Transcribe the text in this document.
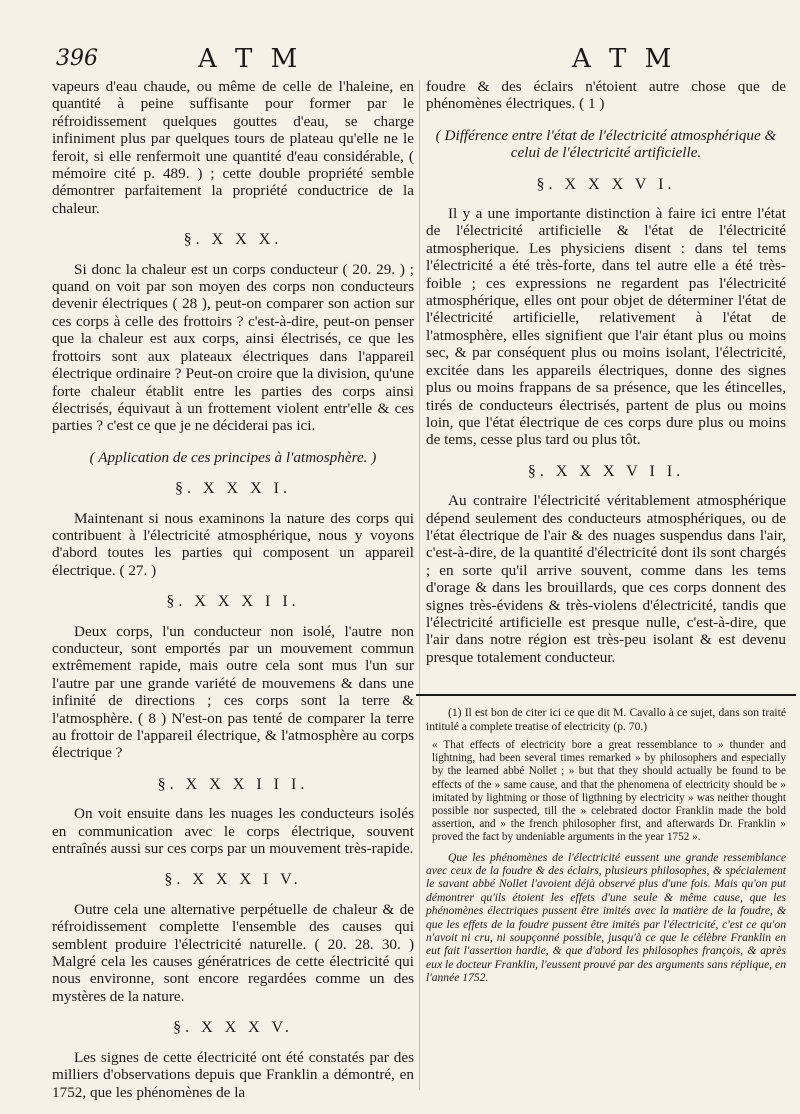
396	A T M	A T M

vapeurs d'eau chaude, ou même de celle de l'haleine, en quantité à peine suffisante pour former par le réfroidissement quelques gouttes d'eau, se charge infiniment plus par quelques tours de plateau qu'elle ne le feroit, si elle renfermoit une quantité d'eau considérable, ( mémoire cité p. 489. ) ; cette double propriété semble démontrer parfaitement la propriété conductrice de la chaleur.

§. X X X.

Si donc la chaleur est un corps conducteur ( 20. 29. ) ; quand on voit par son moyen des corps non conducteurs devenir électriques ( 28 ), peut-on comparer son action sur ces corps à celle des frottoirs ? c'est-à-dire, peut-on penser que la chaleur est aux corps, ainsi électrisés, ce que les frottoirs sont aux plateaux électriques dans l'appareil électrique ordinaire ? Peut-on croire que la division, qu'une forte chaleur établit entre les parties des corps ainsi électrisés, équivaut à un frottement violent entr'elle & ces parties ? c'est ce que je ne déciderai pas ici.

( Application de ces principes à l'atmosphère. )
§. X X X I.

Maintenant si nous examinons la nature des corps qui contribuent à l'électricité atmosphérique, nous y voyons d'abord toutes les parties qui composent un appareil électrique. ( 27. )

§. X X X I I.

Deux corps, l'un conducteur non isolé, l'autre non conducteur, sont emportés par un mouvement commun extrêmement rapide, mais outre cela sont mus l'un sur l'autre par une grande variété de mouvemens & dans une infinité de directions ; ces corps sont la terre & l'atmosphère. ( 8 ) N'est-on pas tenté de comparer la terre au frottoir de l'appareil électrique, & l'atmosphère au corps électrique ?

§. X X X I I I.

On voit ensuite dans les nuages les conducteurs isolés en communication avec le corps électrique, souvent entraînés aussi sur ces corps par un mouvement très-rapide.

§. X X X I V.

Outre cela une alternative perpétuelle de chaleur & de réfroidissement complette l'ensemble des causes qui semblent produire l'électricité naturelle. ( 20. 28. 30. ) Malgré cela les causes génératrices de cette électricité qui nous environne, sont encore regardées comme un des mystères de la nature.

§. X X X V.

Les signes de cette électricité ont été constatés par des milliers d'observations depuis que Franklin a démontré, en 1752, que les phénomènes de la

foudre & des éclairs n'étoient autre chose que de phénomènes électriques. ( 1 )

( Différence entre l'état de l'électricité atmosphérique & celui de l'électricité artificielle.
§. X X X V I.

Il y a une importante distinction à faire ici entre l'état de l'électricité artificielle & l'état de l'électricité atmospherique. Les physiciens disent : dans tel tems l'électricité a été très-forte, dans tel autre elle a été très-foible ; ces expressions ne regardent pas l'électricité atmosphérique, elles ont pour objet de déterminer l'état de l'électricité artificielle, relativement à l'état de l'atmosphère, elles signifient que l'air étant plus ou moins sec, & par conséquent plus ou moins isolant, l'électricité, excitée dans les appareils électriques, donne des signes plus ou moins frappans de sa présence, que les étincelles, tirés de conducteurs électrisés, partent de plus ou moins loin, que l'état électrique de ces corps dure plus ou moins de tems, cesse plus tard ou plus tôt.

§. X X X V I I.

Au contraire l'électricité véritablement atmosphérique dépend seulement des conducteurs atmosphériques, ou de l'état électrique de l'air & des nuages suspendus dans l'air, c'est-à-dire, de la quantité d'électricité dont ils sont chargés ; en sorte qu'il arrive souvent, comme dans les tems d'orage & dans les brouillards, que ces corps donnent des signes très-évidens & très-violens d'électricité, tandis que l'électricité artificielle est presque nulle, c'est-à-dire, que l'air dans notre région est très-peu isolant & est devenu presque totalement conducteur.

(1) Il est bon de citer ici ce que dit M. Cavallo à ce sujet, dans son traité intitulé a complete treatise of electricity (p. 70.)

« That effects of electricity bore a great ressemblance to » thunder and lightning, had been several times remarked » by philosophers and especially by the learned abbé Nollet ; » but that they should actually be found to be effects of the » same cause, and that the phenomena of electricity should be » imitated by lightning or those of ligthning by electricity » was neither thought possible nor suspected, till the » celebrated doctor Franklin made the bold assertion, and » the french philosopher first, and afterwards Dr. Franklin » proved the fact by undeniable arguments in the year 1752 ».

Que les phénomènes de l'électricité eussent une grande ressemblance avec ceux de la foudre & des éclairs, plusieurs philosophes, & spécialement le savant abbé Nollet l'avoient déjà observé plus d'une fois. Mais qu'on put démontrer qu'ils étoient les effets d'une seule & même cause, que les phénomènes électriques pussent être imités avec la matière de la foudre, & que les effets de la foudre pussent être imités par l'électricité, c'est ce qu'on n'avoit ni cru, ni soupçonné possible, jusqu'à ce que le célèbre Franklin en eut fait l'assertion hardie, & que d'abord les philosophes françois, & après eux le docteur Franklin, l'eussent prouvé par des arguments sans réplique, en l'année 1752.
